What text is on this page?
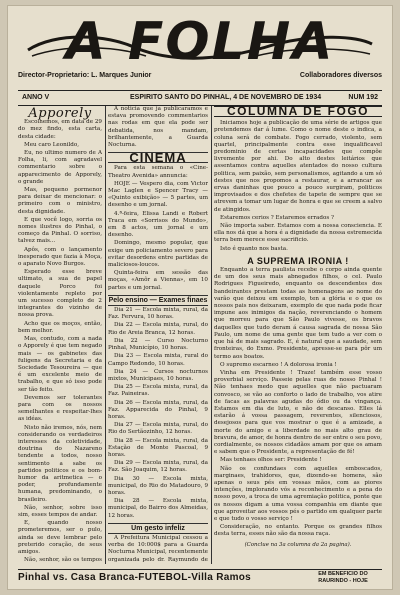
A FOLHA
Director-Proprietario: L. Marques Junior	Collaboradores diversos
ANNO V	ESPIRITO SANTO DO PINHAL, 4 DE NOVEMBRO DE 1934	NUM 192
Apporely

Escolhemos, em data de 29 do mez findo, esta carta, desta cidade:

Meu caro Leonildo,

Eu, no ultimo numero de A Folha, li, com agradavel commentario sobre o apparecimento de Apporely, o grande

Mas, pequeno pormenor para deixar de mencionar: o primeiro com o ministro, desta dignidade.

E que você logo, sorria os nomes ilustres do Pinhal, o começo da Pinhal. O sorriso, talvez mais...

Apôs, com o lançamento inesperado que fazia à Moça, o aparato Novo Burgos.

Esperado esse breve ultimato, a sua de papel daquele Porco foi violentamente repleto por um sucesso completo de 2 integrantes do vizinho de nossa prova.

Acho que os moços, então, bem melhor.

Mas, contudo, com a nada o Apporely é que tem negado mais — os gabinetes das fuligens da Secretaria e da Sociedade Tesoureira — que é um excelente meio de trabalho, e que só isso pode ser tão feito.

Devemos ser tolerantes para com os nossos semelhantes e respeitar-lhes as idéas.

Nisto não iremos, nós, nem considerando os verdadeiros interesses da coletividade, doutrina do Nazareno tendente a todos, nosso sentimento a sabe os partidos politicos e os bom-humor da aritmetica — o poder, profundamente humana, predominando, o brasileiro.

Não, senhor, sobre isso sim, esses tempos de andar.

E, quando nosso prometeremos, ser o pulo, ainda se deve lembrar pelo preterido coração, de seus amigos.

Não, senhor, são os tempos

A noticia que ja publicaramos e estava promovendo commentarios nas rodas em que ela pode ser debatida, nos mandam, brilhantemente, a Guarda Nocturna.

CINEMA

Para esta semana o «Cine-Theatro Avenida» annuncia:

HOJE — Vespero dia, com Victor Mac Laglen e Spencer Tracy — «Quinto exibição» — 5 partes, um desenho e um jornal.

4.ª-feira, Elissa Landi e Robert Traca em «Sorrisos do Mundo», em 8 actos, um jornal e um desenho.

Domingo, mesmo popular, que exige um policiamento severo para evitar desordens entre partidas de maliciosos-loucos.

Quinta-feira em sessão das moças, «Amôr a Vienna», em 10 partes e um jornal.

Pelo ensino — Exames finaes

Dia 21 — Escola mixta, rural, da Faz. Fervura, 10 horas.

Dia 22 — Escola mixta, rural, do Rio de Areia Branca, 12 horas.

Dia 22 — Curso Nocturno Pinhal, Município, 10 horas.

Dia 23 — Escola mixta, rural do Campo Redondo, 10 horas.

Dia 24 — Cursos nocturnos mixtos, Municipaes, 10 horas.

Dia 25 — Escola mixta, rural, da Faz. Paineiras.

Dia 26 — Escola mixta, rural, da Faz. Apparecida do Pinhal, 9 horas.

Dia 27 — Escola mixta, rural, do Rio do Sertãozinho, 12 horas.

Dia 28 — Escola mixta, rural, da Estação de Monte Pascoal, 9 horas.

Dia 29 — Escola mixta, rural, da Faz. São Joaquim, 12 horas.

Dia 30 — Escola mixta, municipal, do Rio do Matadouro, 9 horas.

Dia 28 — Escola mixta, municipal, do Bairro dos Almeidas, 12 horas.

Um gesto infeliz

A Prefeitura Municipal cessou a verba de 10:000$ para a Guarda Nocturna Municipal, recentemente organizada pelo dr. Raymundo de

COLUMNA DE FOGO

Iniciamos hoje a publicação de uma série de artigos que pretendemos dar á lume. Como o nome deste o indica, a coluna será de combate. Fogo cerrado, violento, sem quartel, principalmente contra esse inqualificavel predominio de certas incapacidades que compõe livremente por ahi. Do alto destes leitários que assentamos contra aquelles atentados do nosso cultura politica, sem paixão, sem personalismos, agitando a um só destes que nos propomos a restaurar, e a arrancar as ervas daninhas que pouco a pouco surgiram, politicos improvisados e dos chefetes de tapete de sempre que se atrevem a tomar um lugar de honra e que se creem a salvo de atingidos.

Estaremos cerios ? Estaremos errados ?

Não importa saber. Estamos com a nossa consciencia. E ella nos dá que a hora é a dignidade da nossa estremecida terra bem merece esse sacrificio.

Isto é quanto nos basta.

A SUPREMA IRONIA !

Enquanto a terra paulista recebe o corpo ainda quente de um dos seus mais abnegados filhos, o cel. Paulo Rodrigues Figueiredo, enquanto os descendentes dos bandeirantes prestam todas as homenagens ao nome do varão que deixou em exemplo, ten a glória e o que os nossos pais nos deixaram, exemplo de que nada pode ficar impune aos inimigos da nação, reverenciando o homem que morreu para que São Paulo vivesse, os bravos daquelles que tudo deram á causa sagrada de nossa São Paulo, um nome de uma gente que tem tudo a ver com o que há de mais sagrado. E, é natural que a saudade, sem fronteiras, do Exmo. Presidente, apresse-se para pôr um termo aos boatos.

O supremo escarneo ! A dolorosa ironia !

Vinha em Presidente ! Traze! também esse vosso proverbial serviço. Passeie pelas ruas de nosso Pinhal ! Não tenhaes medo que aquelles que não pactuaram convosco, se vão ao conforto o lado de trabalho, vos atire de facas as palavras agudas do ódio ou da vingança. Estamos em dia de luto, e não de descanso. Elles lá estarão á vossa passagem, reverentes, silenciosos, desejosos para que vos mostrar o que é a amizade, a morte do amigo e a liberdade no mais alto grau de bravura, de amor, de honra dentro de ser entre o seu povo, cordialmente, os nossos cidadãos amam por que os amam e sabem que o Presidente, a representação de fé!

Mas tenhaes olhos ser: Presidente !

Não os confundaes com aquelles emboscados, marginaes, trahidores, que, dizendo-se homens, são apenas o seus pés em vossas mãos, com as piores intenções, implorando vós a reconhecimento e a pena do nosso povo, a troca de uma agremiação politica, ponte que os nossos digam a uma vossa companhia em diante que que aproveitar aos vossos pés o partido em qualquer parte e que tudo o vosso serviço !

Consideração, no entanto. Porque os grandes filhos desta terra, esses não são da nossa raça.

(Conclue na 3a columna da 2a pagina).
Pinhal vs. Casa Branca-FUTEBOL-Villa Ramos	EM BENEFICIO DO RAURINDO - HOJE
